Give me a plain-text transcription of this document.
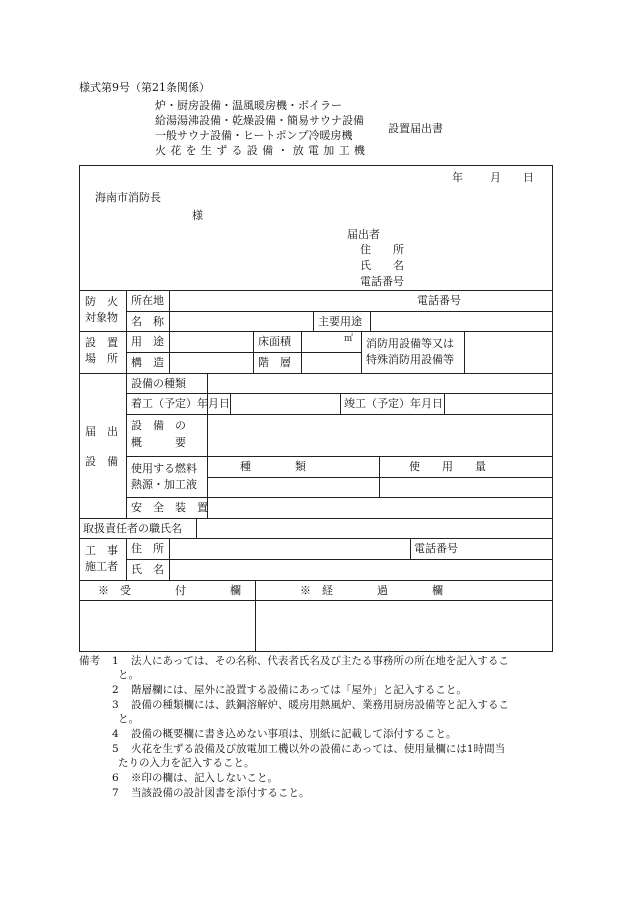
様式第9号（第21条関係）
炉・厨房設備・温風暖房機・ボイラー
給湯湯沸設備・乾燥設備・簡易サウナ設備
一般サウナ設備・ヒートポンプ冷暖房機
火花を生ずる設備・放電加工機
設置届出書
年 月 日
海南市消防長
様
届出者
住　　所
氏　　名
電話番号
防　火
対象物
所在地	電話番号
名　称	主要用途
設　置
場　所
用　途	床面積	㎡
構　造	階　層
消防用設備等又は
特殊消防用設備等
届　出
設　備
設備の種類
着工（予定）年月日	竣工（予定）年月日
設　備　の
概　　　要
使用する燃料
熱源・加工液
種　　　　類	使　　用　　量
安　全　装　置
取扱責任者の職氏名
工　事
施工者
住　所	電話番号
氏　名
※　受　　　　付　　　　欄	※　経　　　　過　　　　欄
備考 1 法人にあっては、その名称、代表者氏名及び主たる事務所の所在地を記入するこ
と。
2 階層欄には、屋外に設置する設備にあっては「屋外」と記入すること。
3 設備の種類欄には、鉄鋼溶解炉、暖房用熱風炉、業務用厨房設備等と記入するこ
と。
4 設備の概要欄に書き込めない事項は、別紙に記載して添付すること。
5 火花を生ずる設備及び放電加工機以外の設備にあっては、使用量欄には1時間当
たりの入力を記入すること。
6 ※印の欄は、記入しないこと。
7 当該設備の設計図書を添付すること。
